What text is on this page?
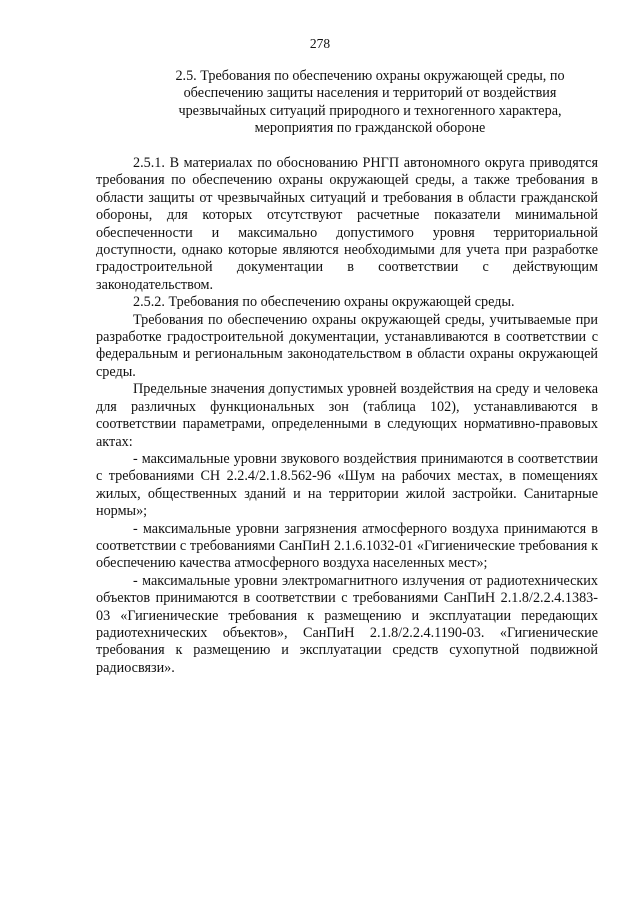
278
2.5. Требования по обеспечению охраны окружающей среды, по
обеспечению защиты населения и территорий от воздействия
чрезвычайных ситуаций природного и техногенного характера,
мероприятия по гражданской обороне

2.5.1. В материалах по обоснованию РНГП автономного округа приводятся требования по обеспечению охраны окружающей среды, а также требования в области защиты от чрезвычайных ситуаций и требования в области гражданской обороны, для которых отсутствуют расчетные показатели минимальной обеспеченности и максимально допустимого уровня территориальной доступности, однако которые являются необходимыми для учета при разработке градостроительной документации в соответствии с действующим законодательством.

2.5.2. Требования по обеспечению охраны окружающей среды.

Требования по обеспечению охраны окружающей среды, учитываемые при разработке градостроительной документации, устанавливаются в соответствии с федеральным и региональным законодательством в области охраны окружающей среды.

Предельные значения допустимых уровней воздействия на среду и человека для различных функциональных зон (таблица 102), устанавливаются в соответствии параметрами, определенными в следующих нормативно-правовых актах:

- максимальные уровни звукового воздействия принимаются в соответствии с требованиями СН 2.2.4/2.1.8.562-96 «Шум на рабочих местах, в помещениях жилых, общественных зданий и на территории жилой застройки. Санитарные нормы»;

- максимальные уровни загрязнения атмосферного воздуха принимаются в соответствии с требованиями СанПиН 2.1.6.1032-01 «Гигиенические требования к обеспечению качества атмосферного воздуха населенных мест»;

- максимальные уровни электромагнитного излучения от радиотехнических объектов принимаются в соответствии с требованиями СанПиН 2.1.8/2.2.4.1383-03 «Гигиенические требования к размещению и эксплуатации передающих радиотехнических объектов», СанПиН 2.1.8/2.2.4.1190-03. «Гигиенические требования к размещению и эксплуатации средств сухопутной подвижной радиосвязи».
